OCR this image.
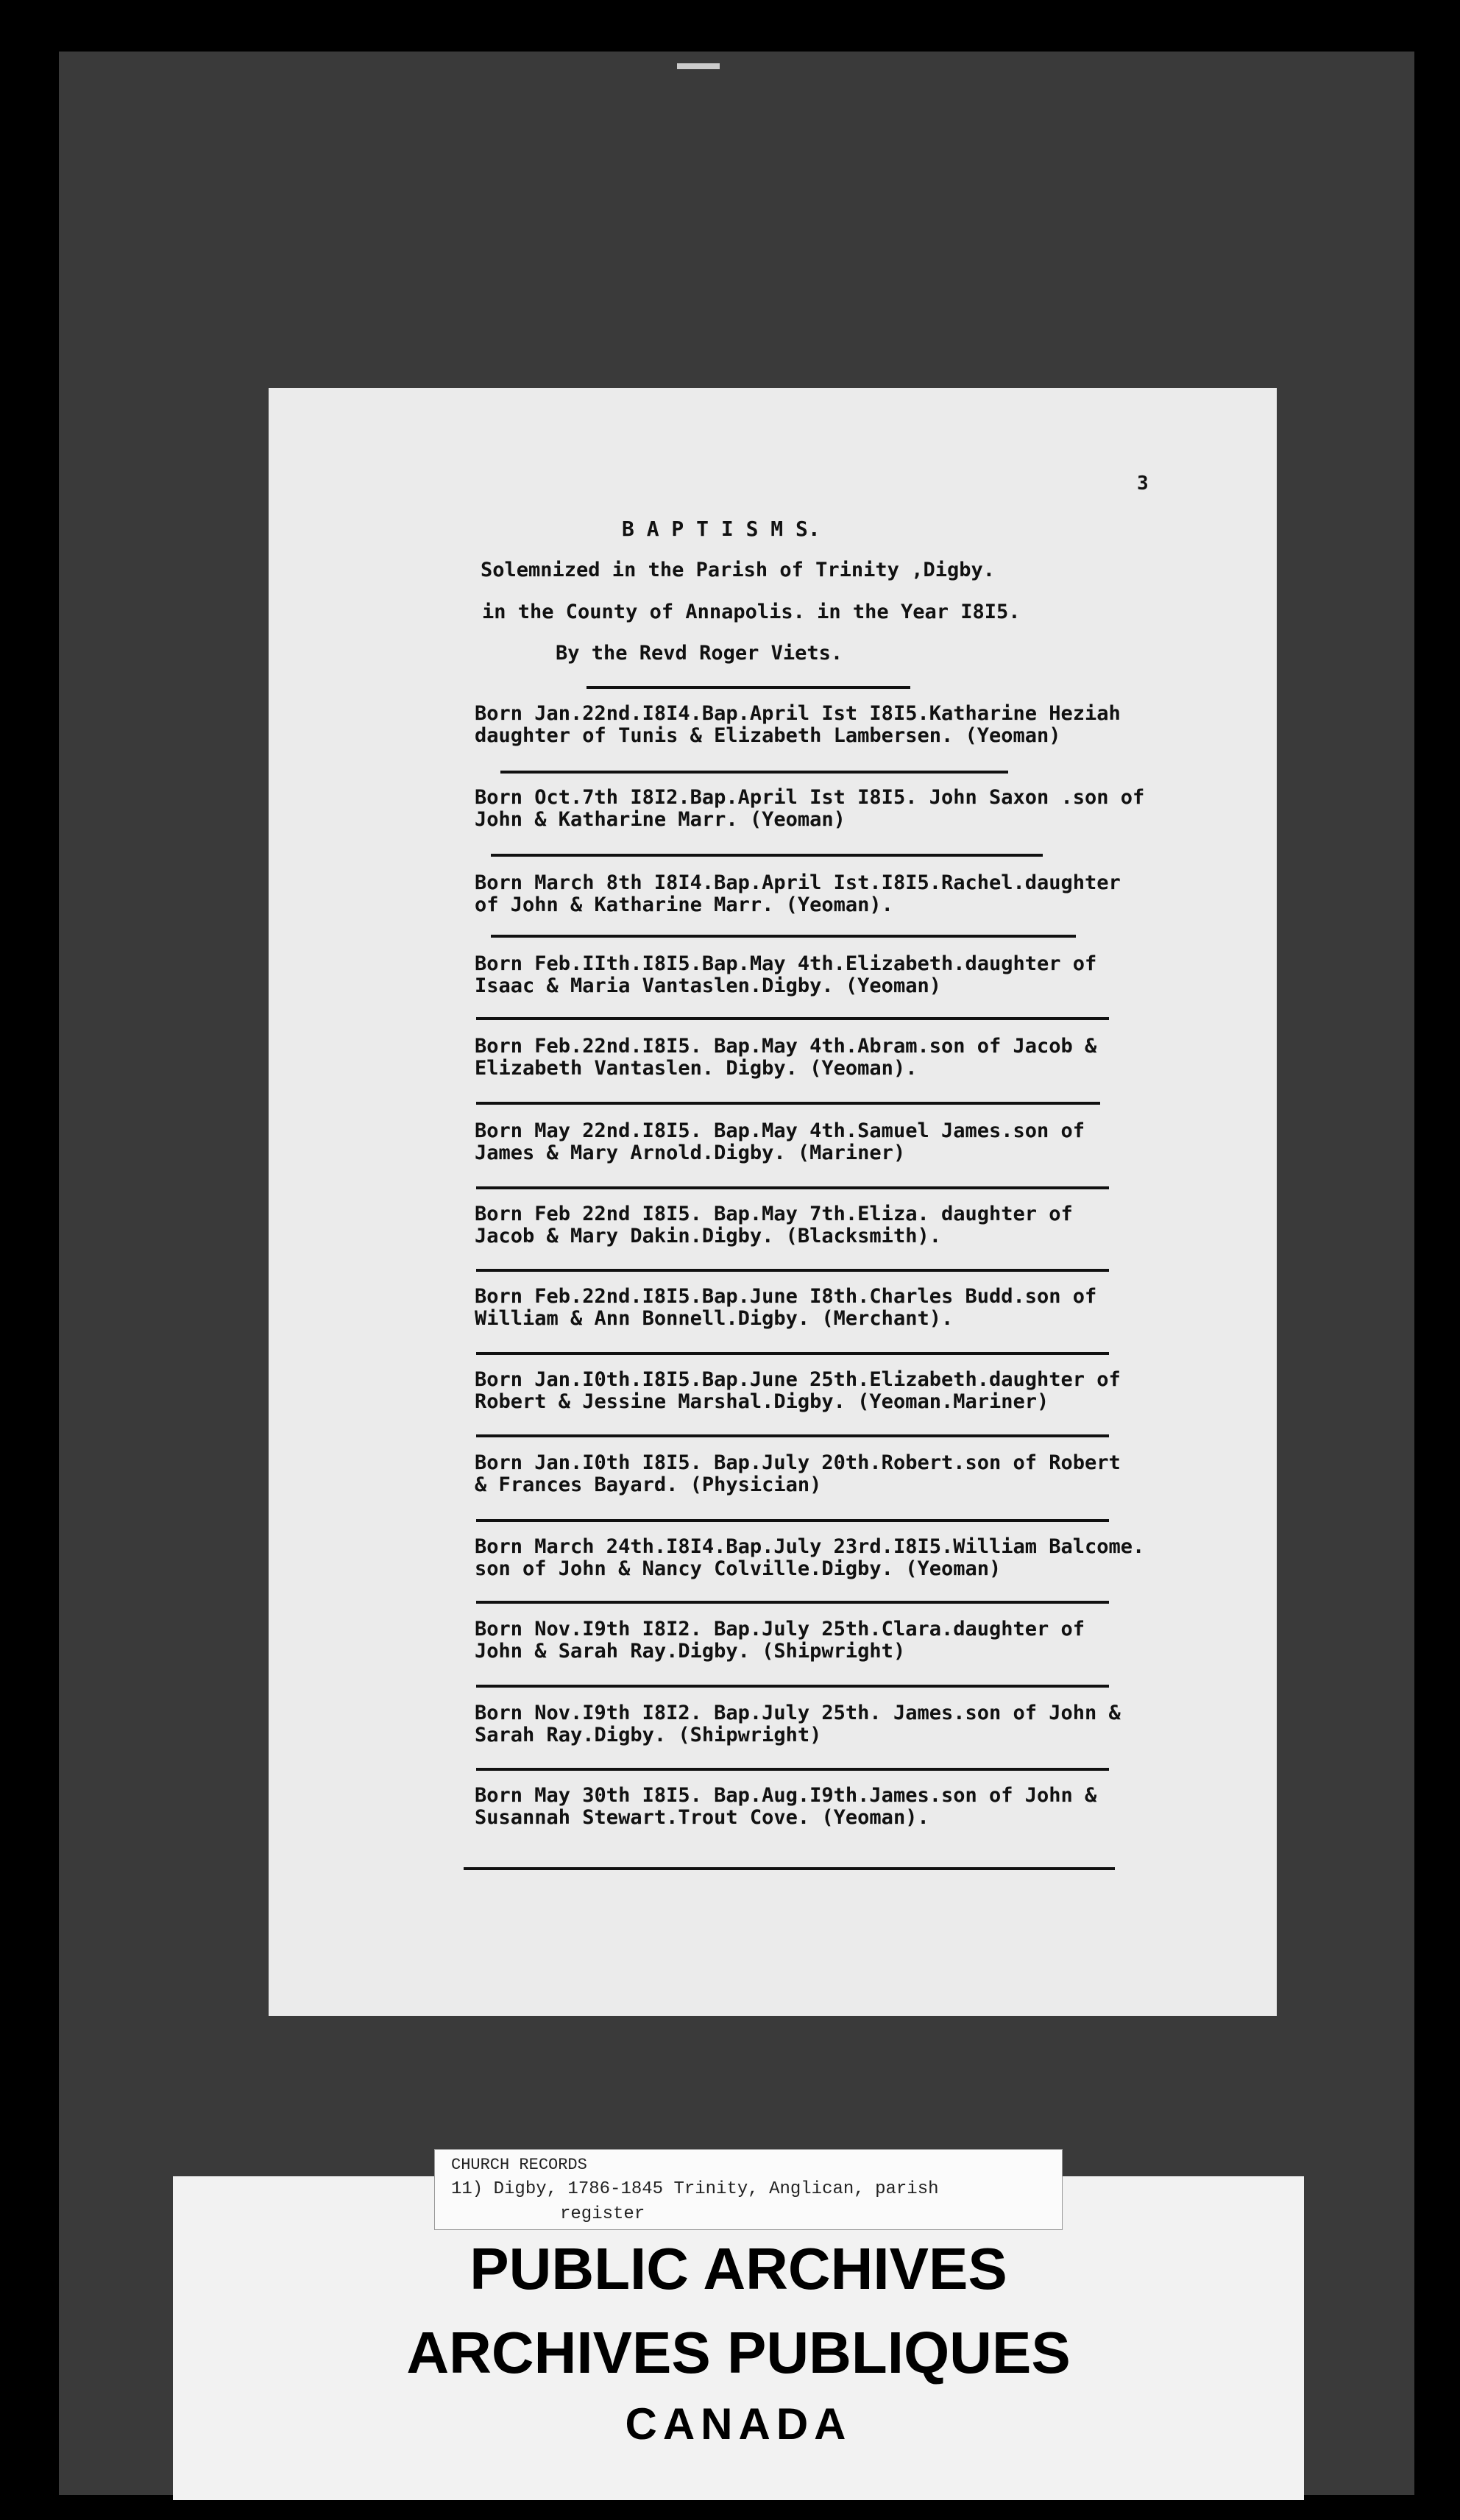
3
B A P T I S M S.
Solemnized in the Parish of Trinity ,Digby.
in the County of Annapolis. in the Year I8I5.
By the Revd Roger Viets.
Born Jan.22nd.I8I4.Bap.April Ist I8I5.Katharine Heziah
daughter of Tunis & Elizabeth Lambersen. (Yeoman)
Born Oct.7th I8I2.Bap.April Ist I8I5. John Saxon .son of
John & Katharine Marr. (Yeoman)
Born March 8th I8I4.Bap.April Ist.I8I5.Rachel.daughter
of John & Katharine Marr. (Yeoman).
Born Feb.IIth.I8I5.Bap.May 4th.Elizabeth.daughter of
Isaac & Maria Vantaslen.Digby. (Yeoman)
Born Feb.22nd.I8I5. Bap.May 4th.Abram.son of Jacob &
Elizabeth Vantaslen. Digby. (Yeoman).
Born May 22nd.I8I5. Bap.May 4th.Samuel James.son of
James & Mary Arnold.Digby. (Mariner)
Born Feb 22nd I8I5. Bap.May 7th.Eliza. daughter of
Jacob & Mary Dakin.Digby. (Blacksmith).
Born Feb.22nd.I8I5.Bap.June I8th.Charles Budd.son of
William & Ann Bonnell.Digby. (Merchant).
Born Jan.I0th.I8I5.Bap.June 25th.Elizabeth.daughter of
Robert & Jessine Marshal.Digby. (Yeoman.Mariner)
Born Jan.I0th I8I5. Bap.July 20th.Robert.son of Robert
& Frances Bayard. (Physician)
Born March 24th.I8I4.Bap.July 23rd.I8I5.William Balcome.
son of John & Nancy Colville.Digby. (Yeoman)
Born Nov.I9th I8I2. Bap.July 25th.Clara.daughter of
John & Sarah Ray.Digby. (Shipwright)
Born Nov.I9th I8I2. Bap.July 25th. James.son of John &
Sarah Ray.Digby. (Shipwright)
Born May 30th I8I5. Bap.Aug.I9th.James.son of John &
Susannah Stewart.Trout Cove. (Yeoman).
PUBLIC ARCHIVES
ARCHIVES PUBLIQUES
CANADA
CHURCH RECORDS
11) Digby, 1786-1845 Trinity, Anglican, parish
register
